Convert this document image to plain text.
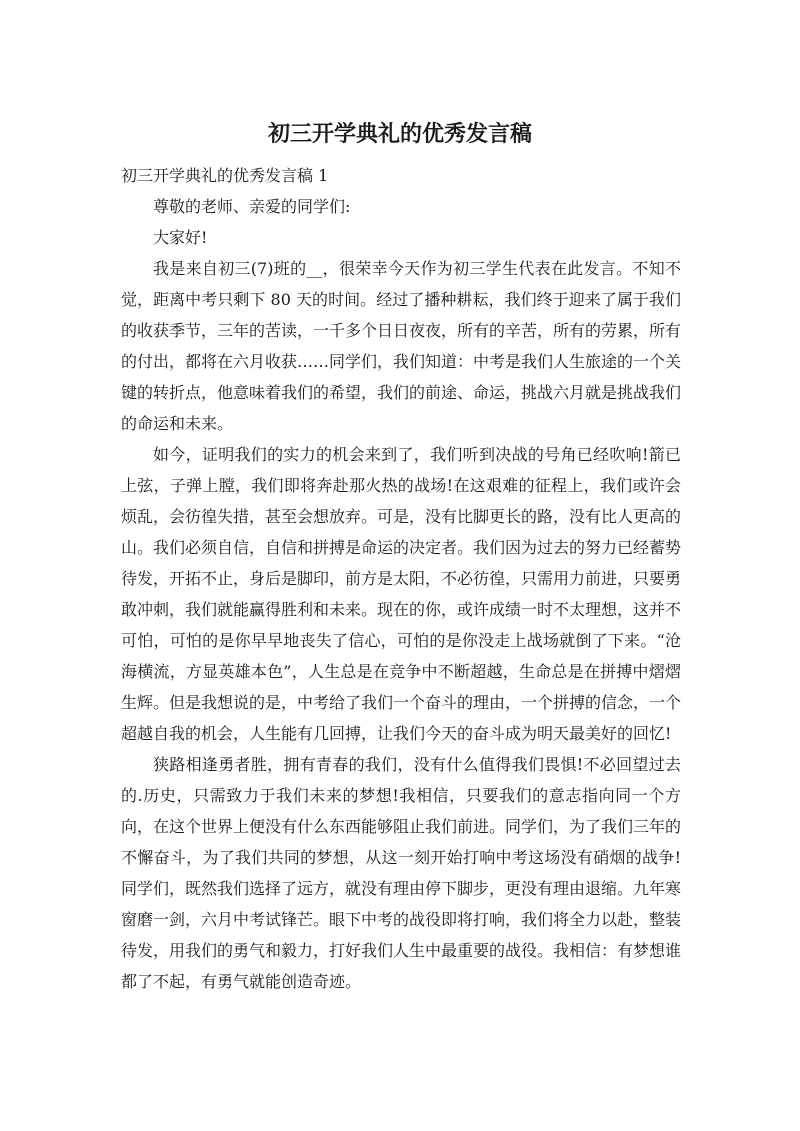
初三开学典礼的优秀发言稿

初三开学典礼的优秀发言稿 1

尊敬的老师、亲爱的同学们:

大家好!

我是来自初三(7)班的__，很荣幸今天作为初三学生代表在此发言。不知不觉，距离中考只剩下 80 天的时间。经过了播种耕耘，我们终于迎来了属于我们的收获季节，三年的苦读，一千多个日日夜夜，所有的辛苦，所有的劳累，所有的付出，都将在六月收获……同学们，我们知道：中考是我们人生旅途的一个关键的转折点，他意味着我们的希望，我们的前途、命运，挑战六月就是挑战我们的命运和未来。

如今，证明我们的实力的机会来到了，我们听到决战的号角已经吹响!箭已上弦，子弹上膛，我们即将奔赴那火热的战场!在这艰难的征程上，我们或许会烦乱，会彷徨失措，甚至会想放弃。可是，没有比脚更长的路，没有比人更高的山。我们必须自信，自信和拼搏是命运的决定者。我们因为过去的努力已经蓄势待发，开拓不止，身后是脚印，前方是太阳，不必彷徨，只需用力前进，只要勇敢冲刺，我们就能赢得胜利和未来。现在的你，或许成绩一时不太理想，这并不可怕，可怕的是你早早地丧失了信心，可怕的是你没走上战场就倒了下来。“沧海横流，方显英雄本色”，人生总是在竞争中不断超越，生命总是在拼搏中熠熠生辉。但是我想说的是，中考给了我们一个奋斗的理由，一个拼搏的信念，一个超越自我的机会，人生能有几回搏，让我们今天的奋斗成为明天最美好的回忆!

狭路相逢勇者胜，拥有青春的我们，没有什么值得我们畏惧!不必回望过去的.历史，只需致力于我们未来的梦想!我相信，只要我们的意志指向同一个方向，在这个世界上便没有什么东西能够阻止我们前进。同学们，为了我们三年的不懈奋斗，为了我们共同的梦想，从这一刻开始打响中考这场没有硝烟的战争!同学们，既然我们选择了远方，就没有理由停下脚步，更没有理由退缩。九年寒窗磨一剑，六月中考试锋芒。眼下中考的战役即将打响，我们将全力以赴，整装待发，用我们的勇气和毅力，打好我们人生中最重要的战役。我相信：有梦想谁都了不起，有勇气就能创造奇迹。
